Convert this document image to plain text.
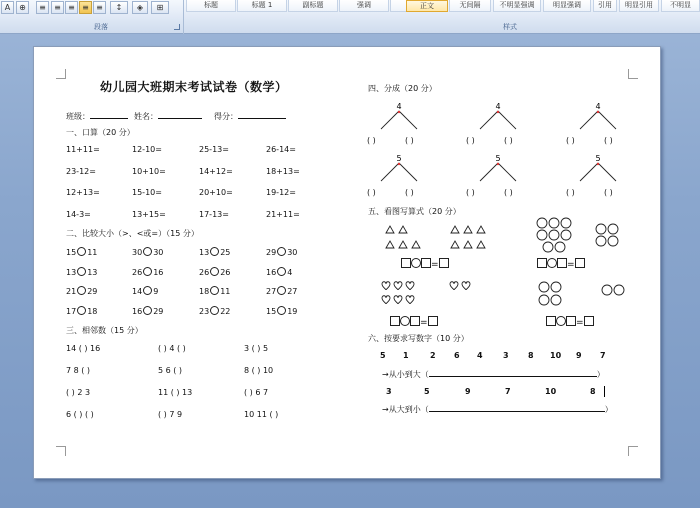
A	⊕	≡	≡ ≡ ≡ ≡	↕	◈	⊞
段落
标题	标题 1	副标题	强调	正文	无间隔	不明显强调	明显强调	引用	明显引用	不明显
样式
幼儿园大班期末考试试卷（数学）
班级：	姓名：	得分：
一、口算（20 分）
二、比较大小（>、<或=）（15 分）
三、相邻数（15 分）
四、分成（20 分）
五、看图写算式（20 分）
=	=
=	=
六、按要求写数字（10 分）
→从小到大（	）
→从大到小（	）
11+11=	12-10=	25-13=	26-14=
23-12=	10+10=	14+12=	18+13=
12+13=	15-10=	20+10=	19-12=
14-3=	13+15=	17-13=	21+11=
15 11	30 30	13 25	29 30
13 13	26 16	26 26	16 4
21 29	14 9	18 11	27 27
17 18	16 29	23 22	15 19
14 ( ) 16	( ) 4 ( )	3 ( ) 5
7 8 ( )	5 6 ( )	8 ( ) 10
( ) 2 3	11 ( ) 13	( ) 6 7
6 ( ) ( )	( ) 7 9	10 11 ( )
4
( )	( )
4
( )	( )
4
( )	( )
5
( )	( )
5
( )	( )
5
( )	( )
5 1	2 6 4	3 8 10 9 7
3	5	9	7	10	8
